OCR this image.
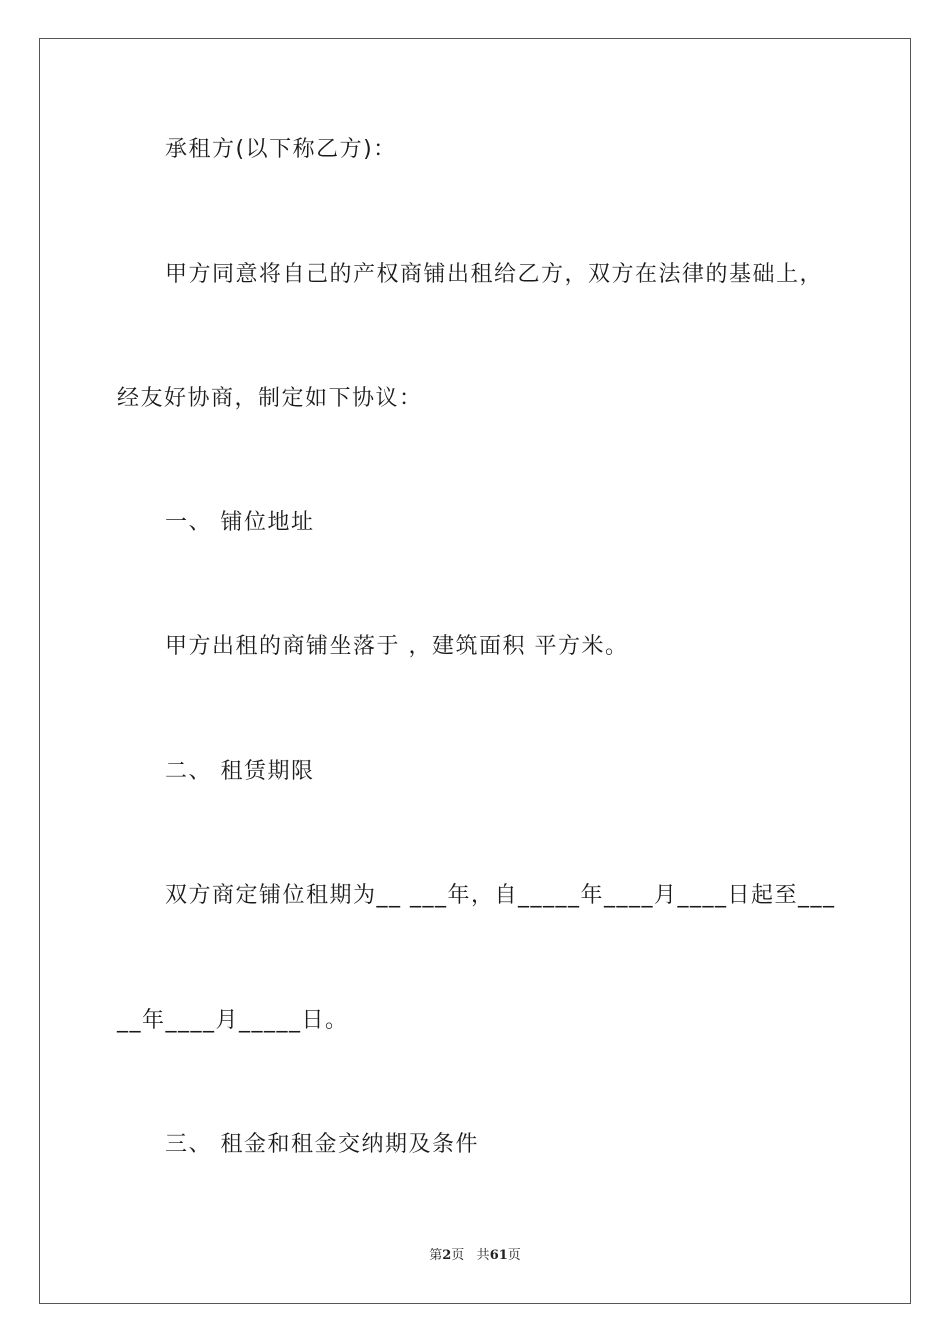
承租方(以下称乙方)：
甲方同意将自己的产权商铺出租给乙方，双方在法律的基础上，
经友好协商，制定如下协议：
一、 铺位地址
甲方出租的商铺坐落于 ，建筑面积 平方米。
二、 租赁期限
双方商定铺位租期为__ ___年，自_____年____月____日起至___
__年____月_____日。
三、 租金和租金交纳期及条件
第2页 共61页
